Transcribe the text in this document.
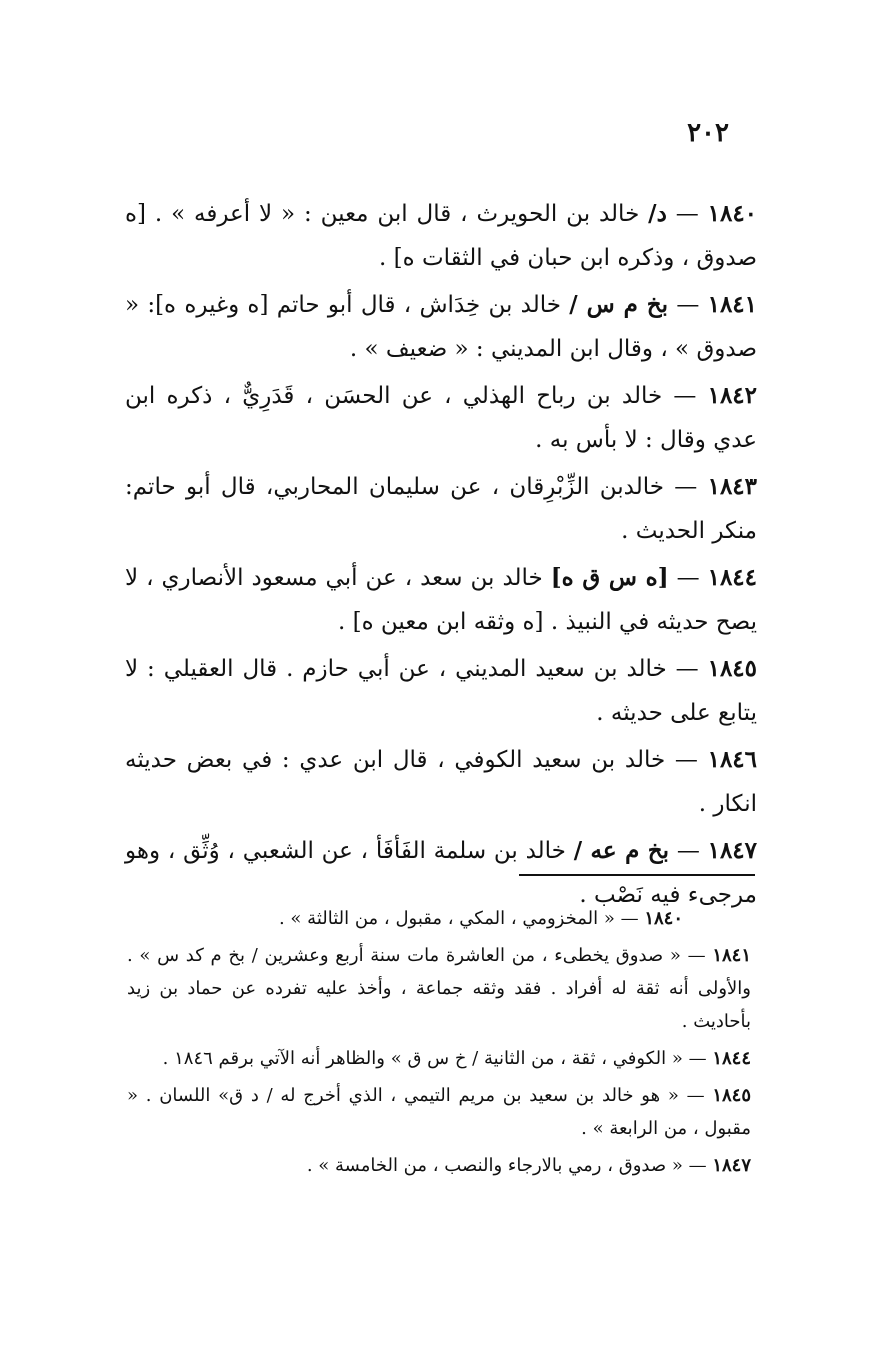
٢٠٢

١٨٤٠ — د/ خالد بن الحويرث ، قال ابن معين : « لا أعرفه » . [ه صدوق ، وذكره ابن حبان في الثقات ه] .

١٨٤١ — بخ م س / خالد بن خِدَاش ، قال أبو حاتم [ه وغيره ه]: « صدوق » ، وقال ابن المديني : « ضعيف » .

١٨٤٢ — خالد بن رباح الهذلي ، عن الحسَن ، قَدَرِيٌّ ، ذكره ابن عدي وقال : لا بأس به .

١٨٤٣ — خالدبن الزِّبْرِقان ، عن سليمان المحاربي، قال أبو حاتم: منكر الحديث .

١٨٤٤ — [ه س ق ه] خالد بن سعد ، عن أبي مسعود الأنصاري ، لا يصح حديثه في النبيذ . [ه وثقه ابن معين ه] .

١٨٤٥ — خالد بن سعيد المديني ، عن أبي حازم . قال العقيلي : لا يتابع على حديثه .

١٨٤٦ — خالد بن سعيد الكوفي ، قال ابن عدي : في بعض حديثه انكار .

١٨٤٧ — بخ م عه / خالد بن سلمة الفَأفَأ ، عن الشعبي ، وُثِّق ، وهو مرجىء فيه نَصْب .

١٨٤٠ — « المخزومي ، المكي ، مقبول ، من الثالثة » .

١٨٤١ — « صدوق يخطىء ، من العاشرة مات سنة أربع وعشرين / بخ م كد س » . والأولى أنه ثقة له أفراد . فقد وثقه جماعة ، وأخذ عليه تفرده عن حماد بن زيد بأحاديث .

١٨٤٤ — « الكوفي ، ثقة ، من الثانية / خ س ق » والظاهر أنه الآتي برقم ١٨٤٦ .

١٨٤٥ — « هو خالد بن سعيد بن مريم التيمي ، الذي أخرج له / د ق» اللسان . « مقبول ، من الرابعة » .

١٨٤٧ — « صدوق ، رمي بالارجاء والنصب ، من الخامسة » .
